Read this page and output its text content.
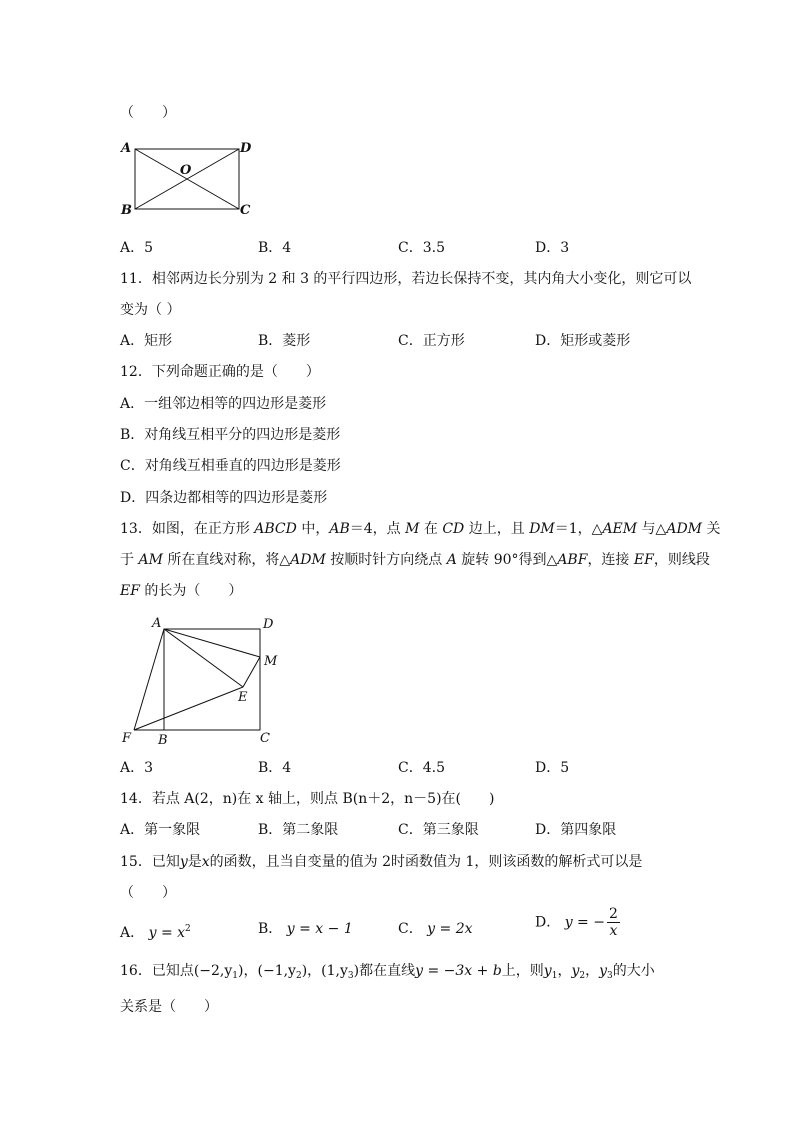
（　　）
A	D
O
B	C
A．5	B．4	C．3.5	D．3
11．相邻两边长分别为 2 和 3 的平行四边形，若边长保持不变，其内角大小变化，则它可以
变为（ ）
A．矩形	B．菱形	C．正方形	D．矩形或菱形
12．下列命题正确的是（　　）
A．一组邻边相等的四边形是菱形
B．对角线互相平分的四边形是菱形
C．对角线互相垂直的四边形是菱形
D．四条边都相等的四边形是菱形
13．如图，在正方形 ABCD 中，AB＝4，点 M 在 CD 边上，且 DM＝1，△AEM 与△ADM 关
于 AM 所在直线对称，将△ADM 按顺时针方向绕点 A 旋转 90°得到△ABF，连接 EF，则线段
EF 的长为（　　）
A	D
M
E
F B	C
A．3	B．4	C．4.5	D．5
14．若点 A(2，n)在 x 轴上，则点 B(n＋2，n－5)在(　　)
A．第一象限	B．第二象限	C．第三象限	D．第四象限
15．已知y是x的函数，且当自变量的值为 2时函数值为 1，则该函数的解析式可以是
（　　）
A． $y = x^2$	B． y = x − 1	C． y = 2x	D． y = − $\frac{2}{x}$
16．已知点$(-2,y_1)$，$(-1,y_2)$，$(1,y_3)$都在直线y = −3x + b上，则$y_1$，$y_2$，$y_3$的大小
关系是（　　）
